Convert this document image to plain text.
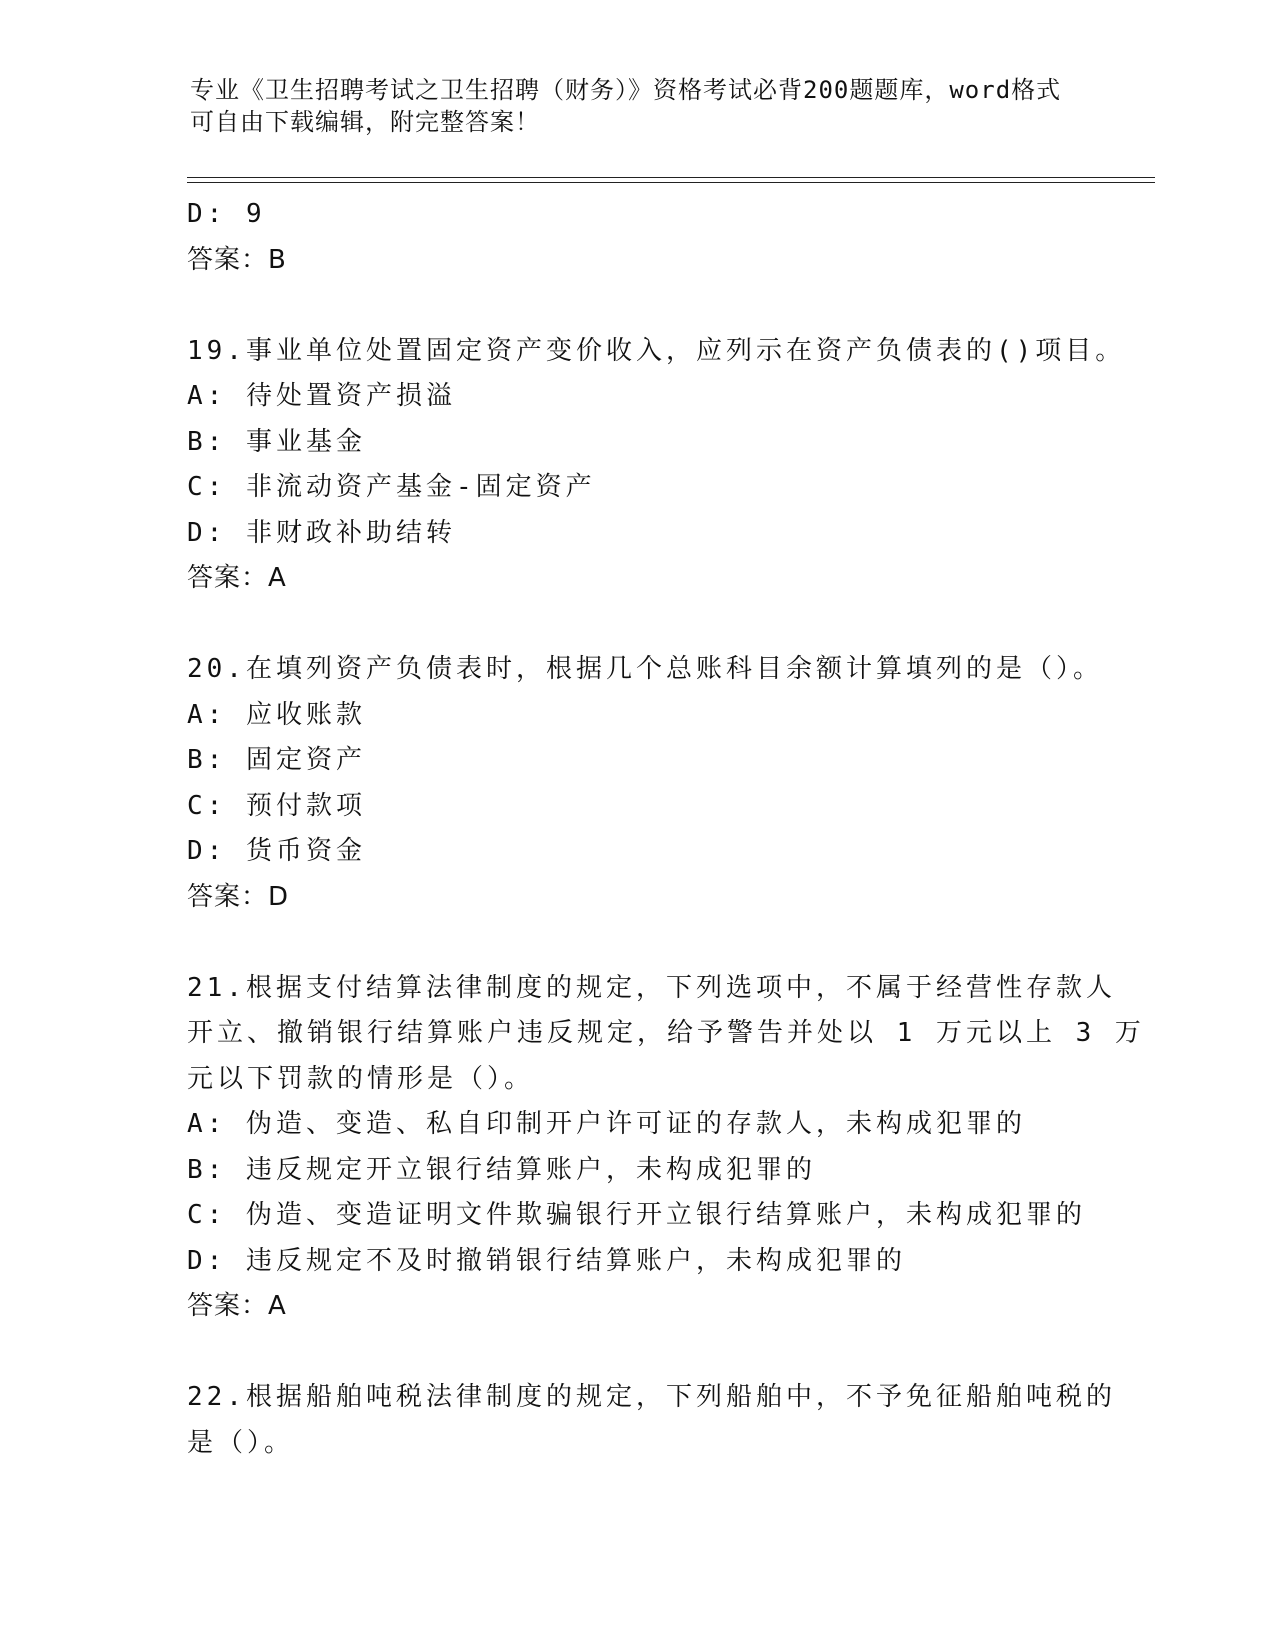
专业《卫生招聘考试之卫生招聘（财务）》资格考试必背200题题库，word格式
可自由下载编辑，附完整答案！
D: 9
答案：B
19.事业单位处置固定资产变价收入，应列示在资产负债表的()项目。
A: 待处置资产损溢
B: 事业基金
C: 非流动资产基金-固定资产
D: 非财政补助结转
答案：A
20.在填列资产负债表时，根据几个总账科目余额计算填列的是（）。
A: 应收账款
B: 固定资产
C: 预付款项
D: 货币资金
答案：D
21.根据支付结算法律制度的规定，下列选项中，不属于经营性存款人
开立、撤销银行结算账户违反规定，给予警告并处以 1 万元以上 3 万
元以下罚款的情形是（）。
A: 伪造、变造、私自印制开户许可证的存款人，未构成犯罪的
B: 违反规定开立银行结算账户，未构成犯罪的
C: 伪造、变造证明文件欺骗银行开立银行结算账户，未构成犯罪的
D: 违反规定不及时撤销银行结算账户，未构成犯罪的
答案：A
22.根据船舶吨税法律制度的规定，下列船舶中，不予免征船舶吨税的
是（）。
